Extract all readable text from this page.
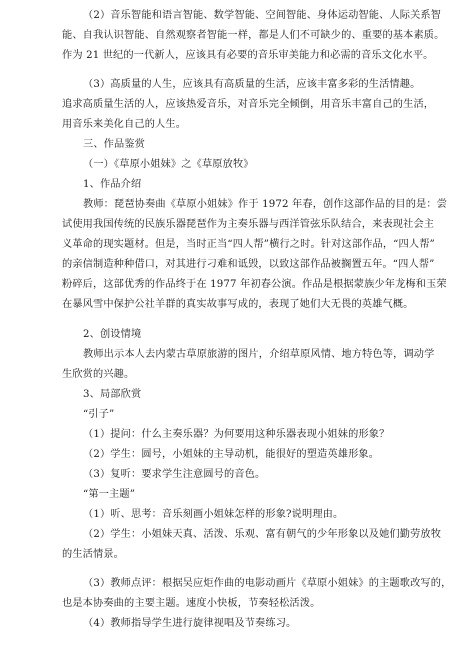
（2）音乐智能和语言智能、数学智能、空间智能、身体运动智能、人际关系智
能、自我认识智能、自然观察者智能一样，都是人们不可缺少的、重要的基本素质。
作为 21 世纪的一代新人，应该具有必要的音乐审美能力和必需的音乐文化水平。
（3）高质量的人生，应该具有高质量的生活，应该丰富多彩的生活情趣。
追求高质量生活的人，应该热爱音乐，对音乐完全倾倒，用音乐丰富自己的生活，
用音乐来美化自己的人生。
三、作品鉴赏
（一）《草原小姐妹》之《草原放牧》
1、作品介绍
教师：琵琶协奏曲《草原小姐妹》作于 1972 年春，创作这部作品的目的是：尝
试使用我国传统的民族乐器琵琶作为主奏乐器与西洋管弦乐队结合，来表现社会主
义革命的现实题材。但是，当时正当“四人帮”横行之时。针对这部作品，“四人帮”
的亲信制造种种借口，对其进行刁难和诋毁，以致这部作品被搁置五年。“四人帮”
粉碎后，这部优秀的作品终于在 1977 年初春公演。作品是根据蒙族少年龙梅和玉荣
在暴风雪中保护公社羊群的真实故事写成的，表现了她们大无畏的英雄气概。
2、创设情境
教师出示本人去内蒙古草原旅游的图片，介绍草原风情、地方特色等，调动学
生欣赏的兴趣。
3、局部欣赏
“引子”
（1）提问：什么主奏乐器？为何要用这种乐器表现小姐妹的形象？
（2）学生：圆号，小姐妹的主导动机，能很好的塑造英雄形象。
（3）复听：要求学生注意圆号的音色。
“第一主题”
（1）听、思考：音乐刻画小姐妹怎样的形象?说明理由。
（2）学生：小姐妹天真、活泼、乐观、富有朝气的少年形象以及她们勤劳放牧
的生活情景。
（3）教师点评：根据吴应炬作曲的电影动画片《草原小姐妹》的主题歌改写的，
也是本协奏曲的主要主题。速度小快板，节奏轻松活泼。
（4）教师指导学生进行旋律视唱及节奏练习。
